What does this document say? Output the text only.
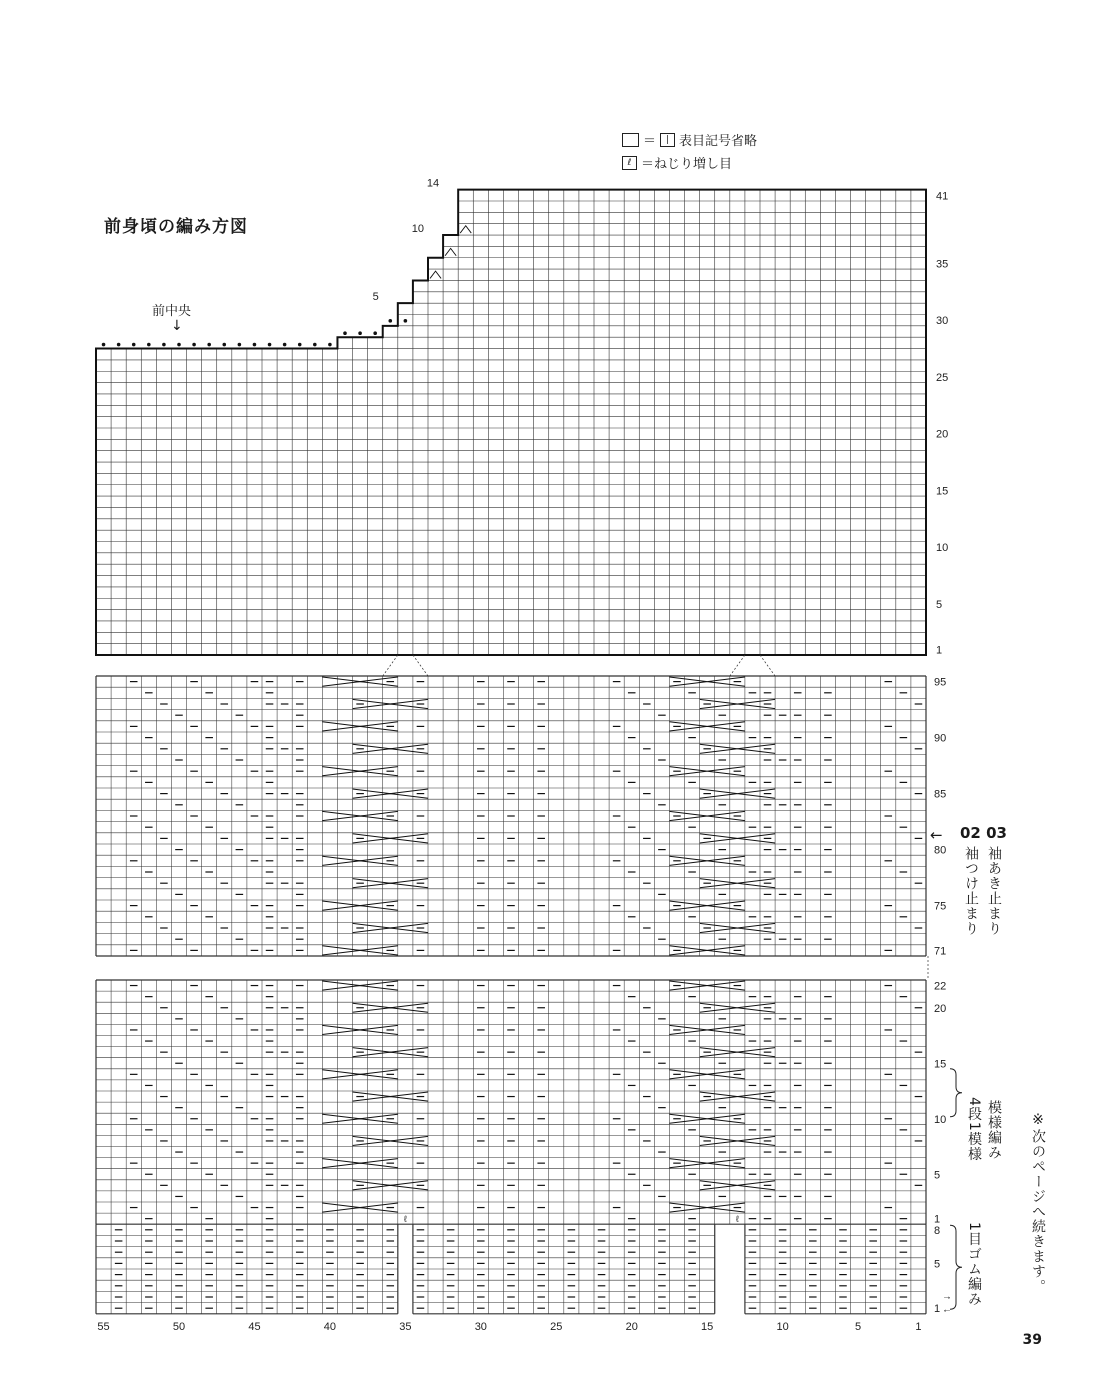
5
10
14
41
35
30
25
20
15
10
5
1
95
90
85
80
75
71
ℓ	ℓ
22
20
15
10
5
1
8
5
1
→
←
55	50	45	40	35	30	25	20	15	10	5	1
前身頃の編み方図
＝	| 表目記号省略
ℓ ＝ねじり増し目
前中央
↓
← 02 03
袖あき止まり
袖つけ止まり
模様編み
4段1模様
1目ゴム編み	※次のページへ続きます。
39
